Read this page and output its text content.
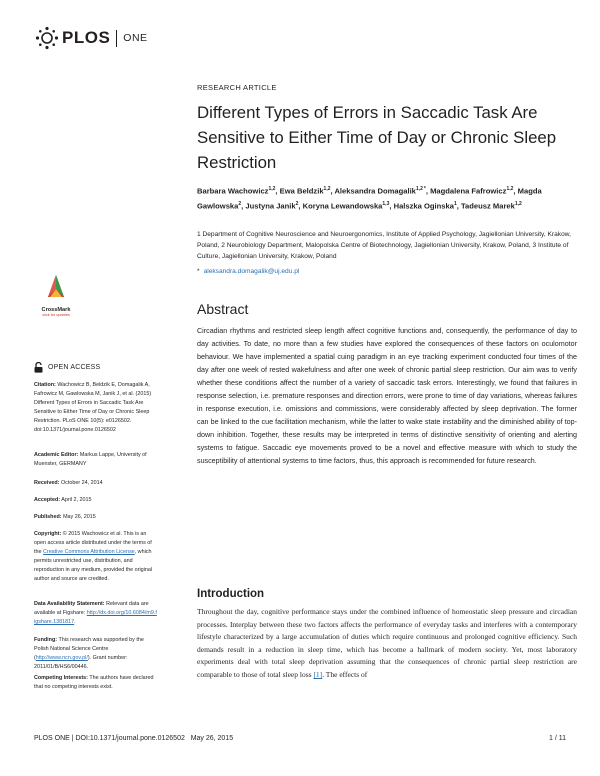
PLOS ONE
RESEARCH ARTICLE
Different Types of Errors in Saccadic Task Are Sensitive to Either Time of Day or Chronic Sleep Restriction
Barbara Wachowicz$^{1,2}$, Ewa Beldzik$^{1,2}$, Aleksandra Domagalik$^{1,2 *}$, Magdalena Fafrowicz$^{1,2}$, Magda Gawlowska$^2$, Justyna Janik$^2$, Koryna Lewandowska$^{1,3}$, Halszka Oginska$^1$, Tadeusz Marek$^{1,2}$
1 Department of Cognitive Neuroscience and Neuroergonomics, Institute of Applied Psychology, Jagiellonian University, Krakow, Poland, 2 Neurobiology Department, Malopolska Centre of Biotechnology, Jagiellonian University, Krakow, Poland, 3 Institute of Culture, Jagiellonian University, Krakow, Poland
* aleksandra.domagalik@uj.edu.pl
Abstract
Circadian rhythms and restricted sleep length affect cognitive functions and, consequently, the performance of day to day activities. To date, no more than a few studies have explored the consequences of these factors on oculomotor behaviour. We have implemented a spatial cuing paradigm in an eye tracking experiment conducted four times of the day after one week of rested wakefulness and after one week of chronic partial sleep restriction. Our aim was to verify whether these conditions affect the number of a variety of saccadic task errors. Interestingly, we found that failures in response selection, i.e. premature responses and direction errors, were prone to time of day variations, whereas failures in response execution, i.e. omissions and commissions, were considerably affected by sleep deprivation. The former can be linked to the cue facilitation mechanism, while the latter to wake state instability and the diminished ability of top-down inhibition. Together, these results may be interpreted in terms of distinctive sensitivity of orienting and alerting systems to fatigue. Saccadic eye movements proved to be a novel and effective measure with which to study the susceptibility of attentional systems to time factors, thus, this approach is recommended for future research.
Introduction
Throughout the day, cognitive performance stays under the combined influence of homeostatic sleep pressure and circadian processes. Interplay between these two factors affects the performance of everyday tasks and interferes with a contemporary lifestyle characterized by a large accumulation of duties which require continuous and prolonged cognitive efficiency. Such demands result in a reduction in sleep time, which has become a hallmark of modern society. Yet, most laboratory experiments deal with total sleep deprivation assuming that the consequences of chronic partial sleep restriction are comparable to those of total sleep loss [1]. The effects of
CrossMark
click for updates
OPEN ACCESS
Citation: Wachowicz B, Beldzik E, Domagalik A, Fafrowicz M, Gawlowska M, Janik J, et al. (2015) Different Types of Errors in Saccadic Task Are Sensitive to Either Time of Day or Chronic Sleep Restriction. PLoS ONE 10(5): e0126502. doi:10.1371/journal.pone.0126502
Academic Editor: Markus Lappe, University of Muenster, GERMANY
Received: October 24, 2014
Accepted: April 2, 2015
Published: May 26, 2015
Copyright: © 2015 Wachowicz et al. This is an open access article distributed under the terms of the Creative Commons Attribution License, which permits unrestricted use, distribution, and reproduction in any medium, provided the original author and source are credited.
Data Availability Statement: Relevant data are available at Figshare: http://dx.doi.org/10.6084/m9.figshare.1381817.
Funding: This research was supported by the Polish National Science Centre (http://www.ncn.gov.pl/). Grant number: 2011/01/B/HS6/00446.
Competing Interests: The authors have declared that no competing interests exist.
PLOS ONE | DOI:10.1371/journal.pone.0126502   May 26, 2015	1 / 11
